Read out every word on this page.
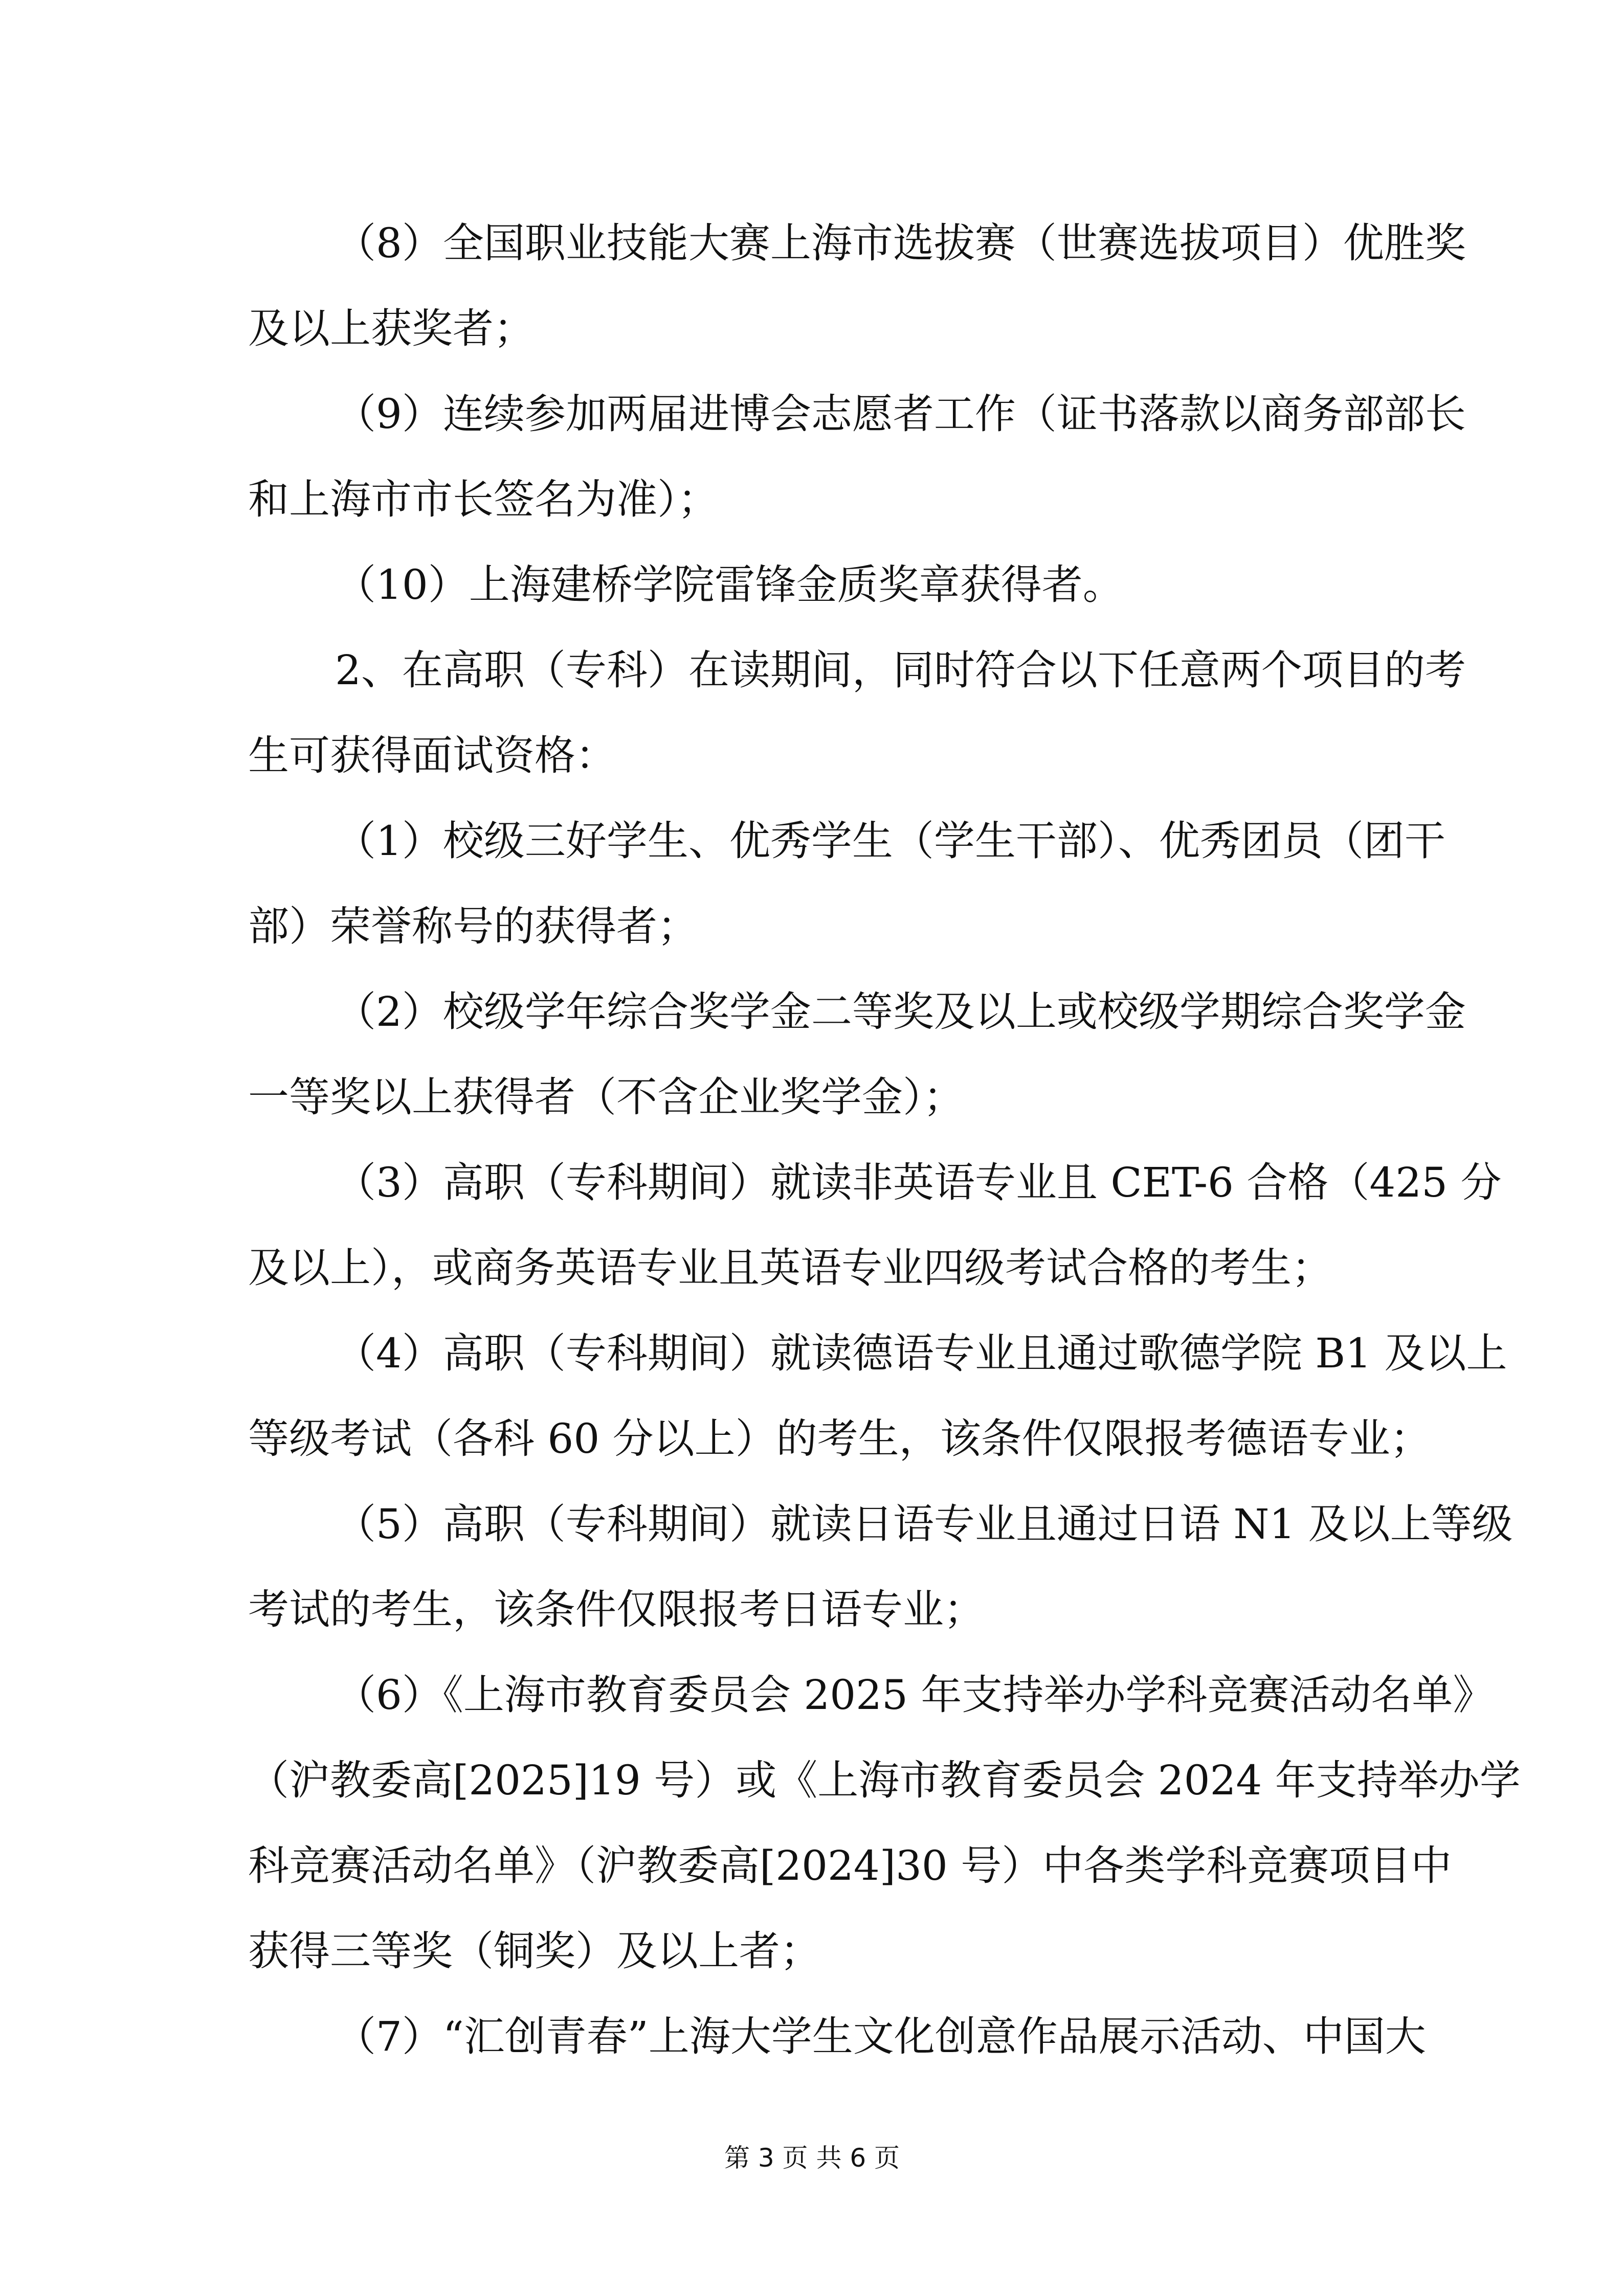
（8）全国职业技能大赛上海市选拔赛（世赛选拔项目）优胜奖
及以上获奖者；
（9）连续参加两届进博会志愿者工作（证书落款以商务部部长
和上海市市长签名为准）；
（10）上海建桥学院雷锋金质奖章获得者。
2、在高职（专科）在读期间，同时符合以下任意两个项目的考
生可获得面试资格：
（1）校级三好学生、优秀学生（学生干部）、优秀团员（团干
部）荣誉称号的获得者；
（2）校级学年综合奖学金二等奖及以上或校级学期综合奖学金
一等奖以上获得者（不含企业奖学金）；
（3）高职（专科期间）就读非英语专业且 CET-6 合格（425 分
及以上），或商务英语专业且英语专业四级考试合格的考生；
（4）高职（专科期间）就读德语专业且通过歌德学院 B1 及以上
等级考试（各科 60 分以上）的考生，该条件仅限报考德语专业；
（5）高职（专科期间）就读日语专业且通过日语 N1 及以上等级
考试的考生，该条件仅限报考日语专业；
（6）《上海市教育委员会 2025 年支持举办学科竞赛活动名单》
（沪教委高[2025]19 号）或《上海市教育委员会 2024 年支持举办学
科竞赛活动名单》（沪教委高[2024]30 号）中各类学科竞赛项目中
获得三等奖（铜奖）及以上者；
（7）“汇创青春”上海大学生文化创意作品展示活动、中国大
第 3 页 共 6 页
